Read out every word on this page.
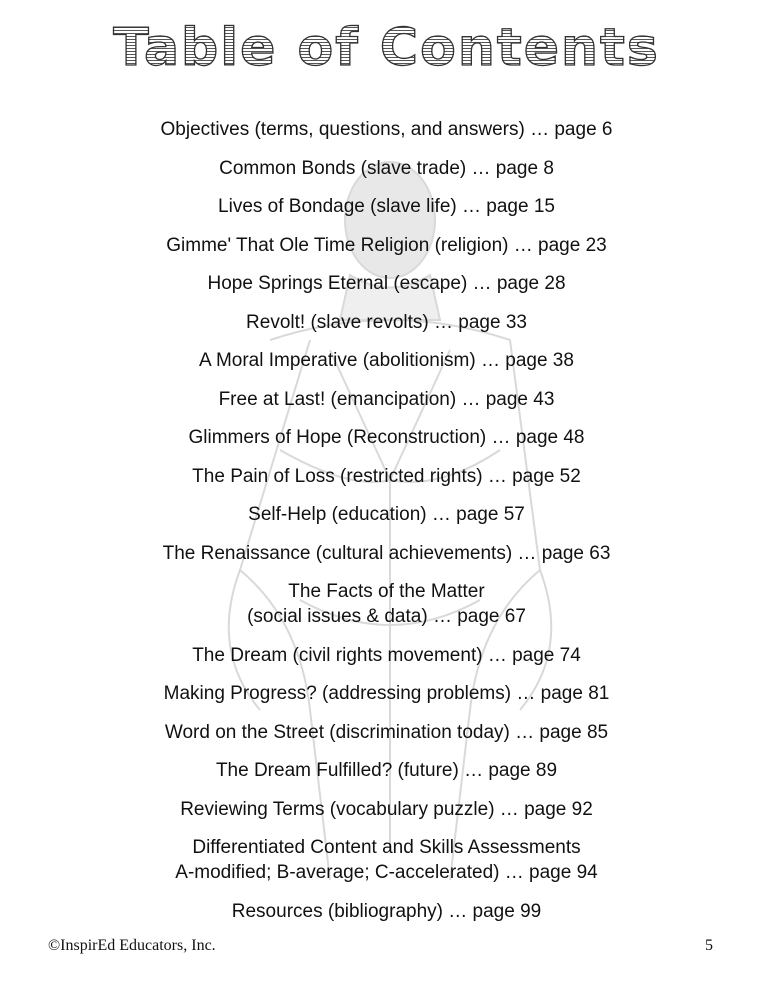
Table of Contents
Objectives (terms, questions, and answers) … page 6
Common Bonds (slave trade) … page 8
Lives of Bondage (slave life) … page 15
Gimme' That Ole Time Religion (religion) … page 23
Hope Springs Eternal (escape) … page 28
Revolt! (slave revolts) … page 33
A Moral Imperative (abolitionism) … page 38
Free at Last! (emancipation) … page 43
Glimmers of Hope (Reconstruction) … page 48
The Pain of Loss (restricted rights) … page 52
Self-Help (education) … page 57
The Renaissance (cultural achievements) … page 63
The Facts of the Matter
(social issues & data) … page 67
The Dream (civil rights movement) … page 74
Making Progress? (addressing problems) … page 81
Word on the Street (discrimination today) … page 85
The Dream Fulfilled? (future) … page 89
Reviewing Terms (vocabulary puzzle) … page 92
Differentiated Content and Skills Assessments
A-modified; B-average; C-accelerated) … page 94
Resources (bibliography) … page 99
©InspirEd Educators, Inc.	5
